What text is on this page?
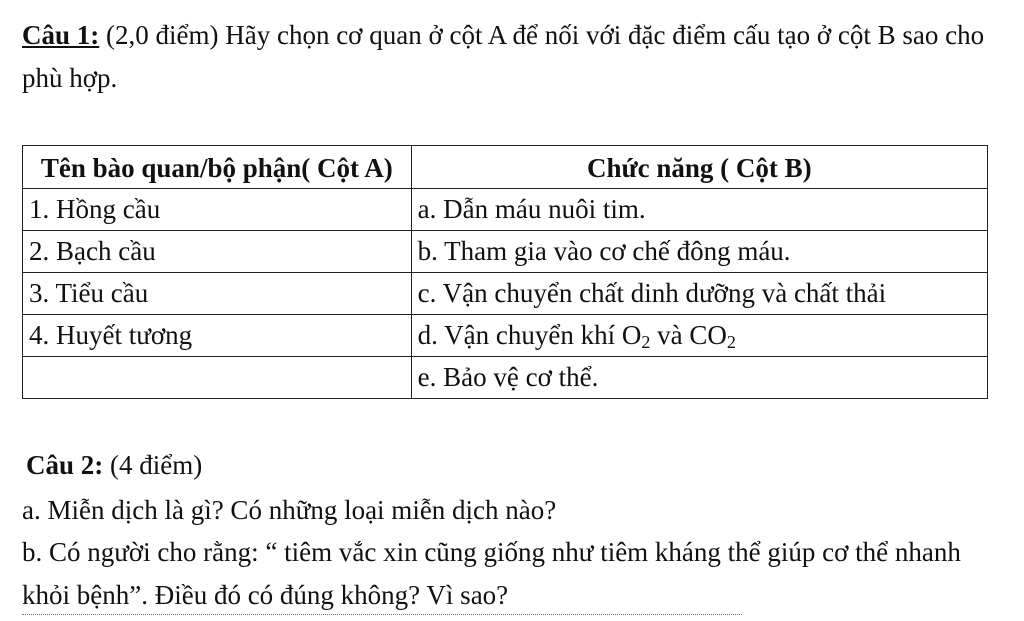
Câu 1: (2,0 điểm) Hãy chọn cơ quan ở cột A để nối với đặc điểm cấu tạo ở cột B sao cho phù hợp.
Tên bào quan/bộ phận( Cột A)	Chức năng ( Cột B)
1. Hồng cầu	a. Dẫn máu nuôi tim.
2. Bạch cầu	b. Tham gia vào cơ chế đông máu.
3. Tiểu cầu	c. Vận chuyển chất dinh dưỡng và chất thải
4. Huyết tương	d. Vận chuyển khí $O_2$ và $CO_2$
	e. Bảo vệ cơ thể.
Câu 2: (4 điểm)
a. Miễn dịch là gì? Có những loại miễn dịch nào?
b. Có người cho rằng: “ tiêm vắc xin cũng giống như tiêm kháng thể giúp cơ thể nhanh khỏi bệnh”. Điều đó có đúng không? Vì sao?
